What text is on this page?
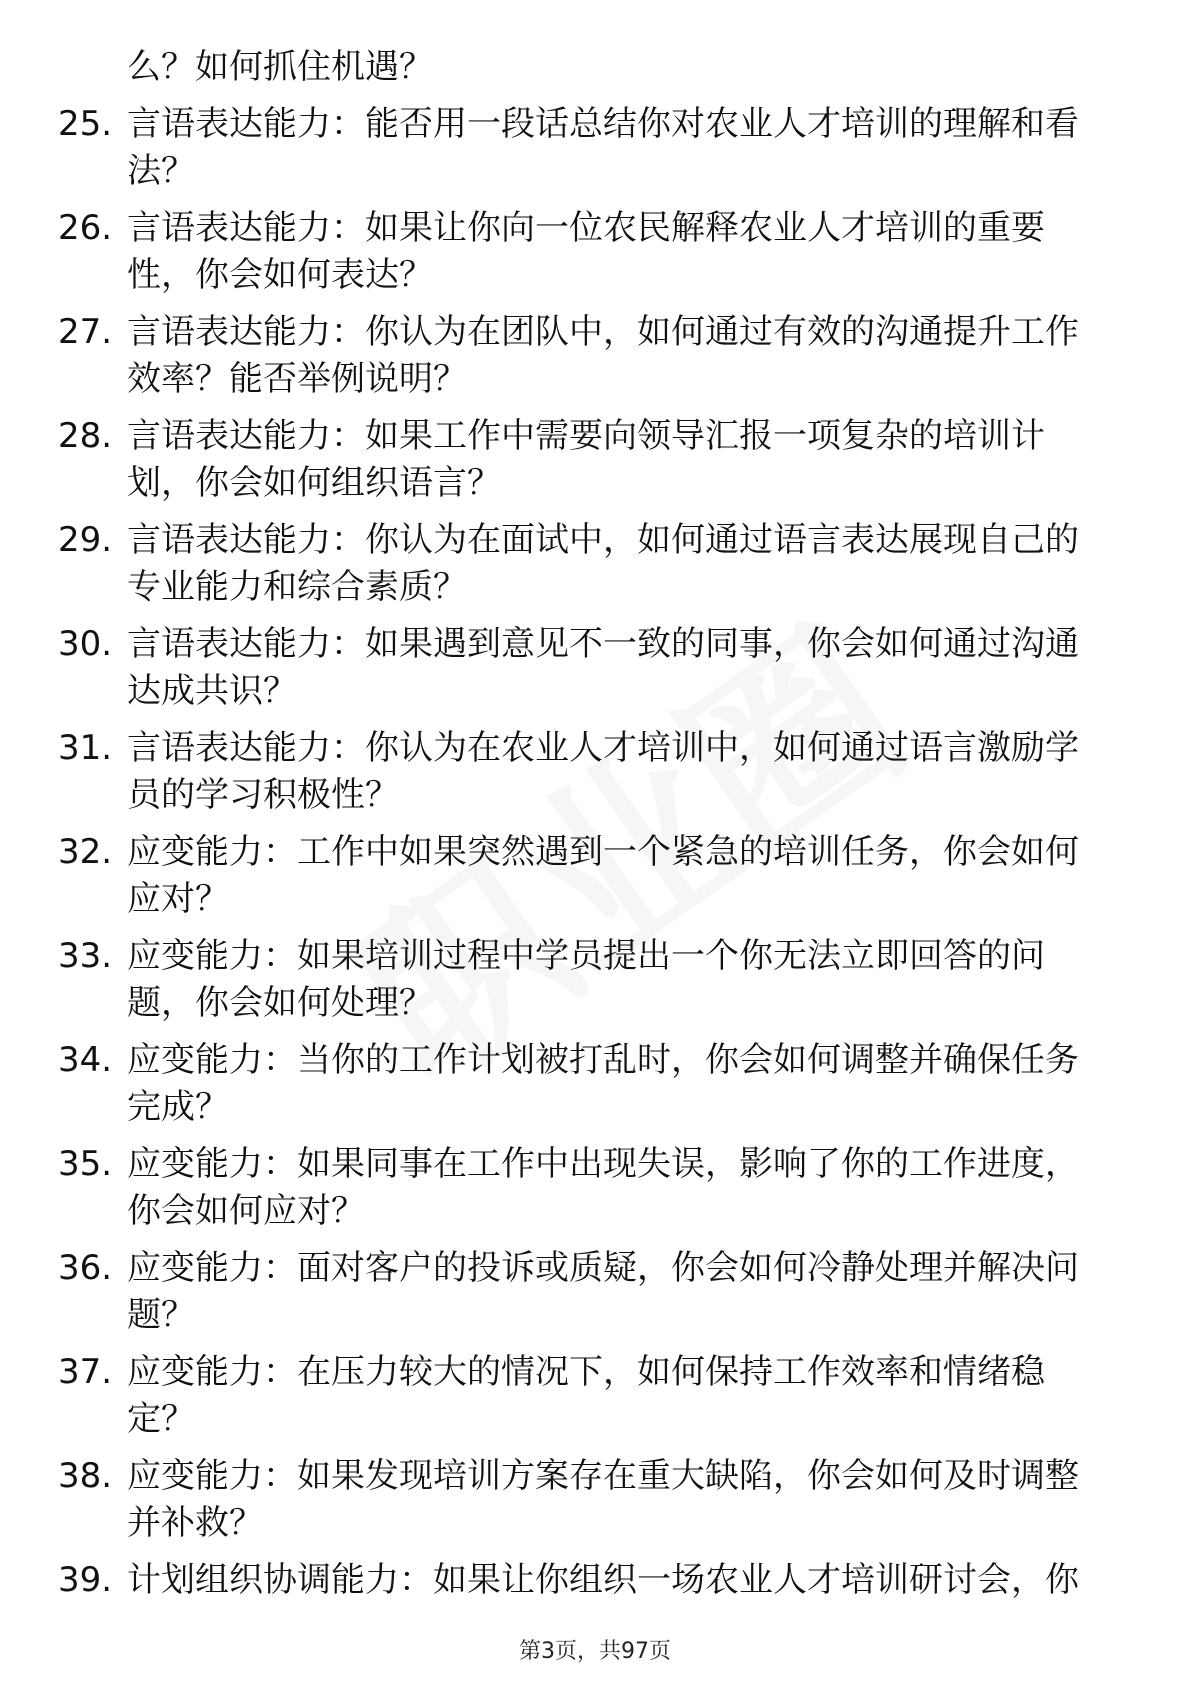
么？如何抓住机遇？
25. 言语表达能力：能否用一段话总结你对农业人才培训的理解和看法？
26. 言语表达能力：如果让你向一位农民解释农业人才培训的重要性，你会如何表达？
27. 言语表达能力：你认为在团队中，如何通过有效的沟通提升工作效率？能否举例说明？
28. 言语表达能力：如果工作中需要向领导汇报一项复杂的培训计划，你会如何组织语言？
29. 言语表达能力：你认为在面试中，如何通过语言表达展现自己的专业能力和综合素质？
30. 言语表达能力：如果遇到意见不一致的同事，你会如何通过沟通达成共识？
31. 言语表达能力：你认为在农业人才培训中，如何通过语言激励学员的学习积极性？
32. 应变能力：工作中如果突然遇到一个紧急的培训任务，你会如何应对？
33. 应变能力：如果培训过程中学员提出一个你无法立即回答的问题，你会如何处理？
34. 应变能力：当你的工作计划被打乱时，你会如何调整并确保任务完成？
35. 应变能力：如果同事在工作中出现失误，影响了你的工作进度，你会如何应对？
36. 应变能力：面对客户的投诉或质疑，你会如何冷静处理并解决问题？
37. 应变能力：在压力较大的情况下，如何保持工作效率和情绪稳定？
38. 应变能力：如果发现培训方案存在重大缺陷，你会如何及时调整并补救？
39. 计划组织协调能力：如果让你组织一场农业人才培训研讨会，你
第3页，共97页
